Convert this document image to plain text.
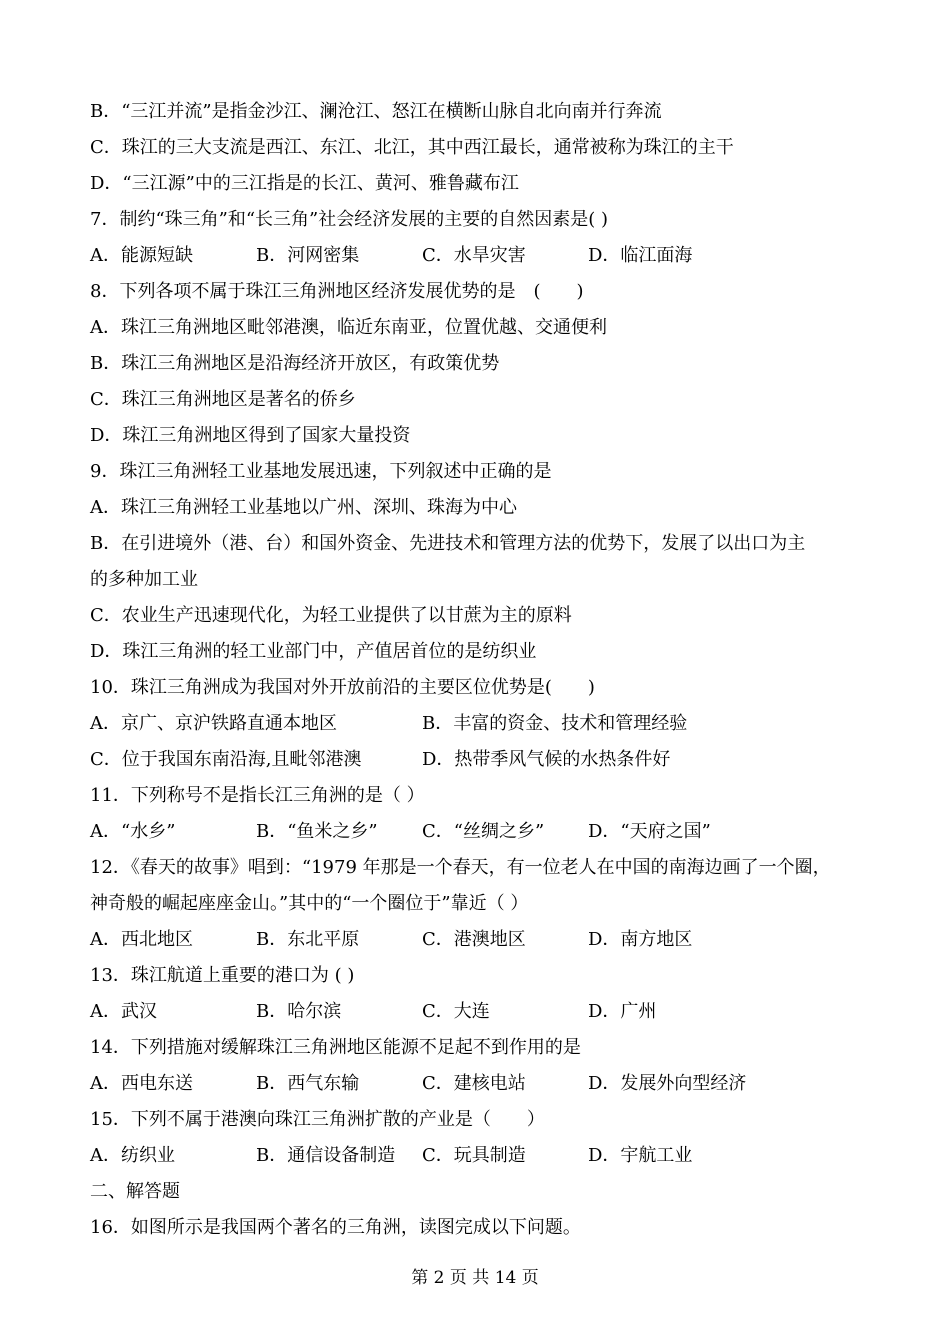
B．“三江并流”是指金沙江、澜沧江、怒江在横断山脉自北向南并行奔流
C．珠江的三大支流是西江、东江、北江，其中西江最长，通常被称为珠江的主干
D．“三江源”中的三江指是的长江、黄河、雅鲁藏布江
7．制约“珠三角”和“长三角”社会经济发展的主要的自然因素是( )
A．能源短缺	B．河网密集	C．水旱灾害	D．临江面海
8．下列各项不属于珠江三角洲地区经济发展优势的是　(　　)
A．珠江三角洲地区毗邻港澳，临近东南亚，位置优越、交通便利
B．珠江三角洲地区是沿海经济开放区，有政策优势
C．珠江三角洲地区是著名的侨乡
D．珠江三角洲地区得到了国家大量投资
9．珠江三角洲轻工业基地发展迅速，下列叙述中正确的是
A．珠江三角洲轻工业基地以广州、深圳、珠海为中心
B．在引进境外（港、台）和国外资金、先进技术和管理方法的优势下，发展了以出口为主
的多种加工业
C．农业生产迅速现代化，为轻工业提供了以甘蔗为主的原料
D．珠江三角洲的轻工业部门中，产值居首位的是纺织业
10．珠江三角洲成为我国对外开放前沿的主要区位优势是(　　)
A．京广、京沪铁路直通本地区	B．丰富的资金、技术和管理经验
C．位于我国东南沿海,且毗邻港澳	D．热带季风气候的水热条件好
11．下列称号不是指长江三角洲的是（ ）
A．“水乡”	B．“鱼米之乡” C．“丝绸之乡” D．“天府之国”
12．《春天的故事》唱到：“1979 年那是一个春天，有一位老人在中国的南海边画了一个圈，
神奇般的崛起座座金山。”其中的“一个圈位于”靠近（ ）
A．西北地区	B．东北平原	C．港澳地区	D．南方地区
13．珠江航道上重要的港口为 ( )
A．武汉	B．哈尔滨	C．大连	D．广州
14．下列措施对缓解珠江三角洲地区能源不足起不到作用的是
A．西电东送	B．西气东输	C．建核电站	D．发展外向型经济
15．下列不属于港澳向珠江三角洲扩散的产业是（　　）
A．纺织业	B．通信设备制造 C．玩具制造	D．宇航工业
二、解答题
16．如图所示是我国两个著名的三角洲，读图完成以下问题。
第 2 页 共 14 页
